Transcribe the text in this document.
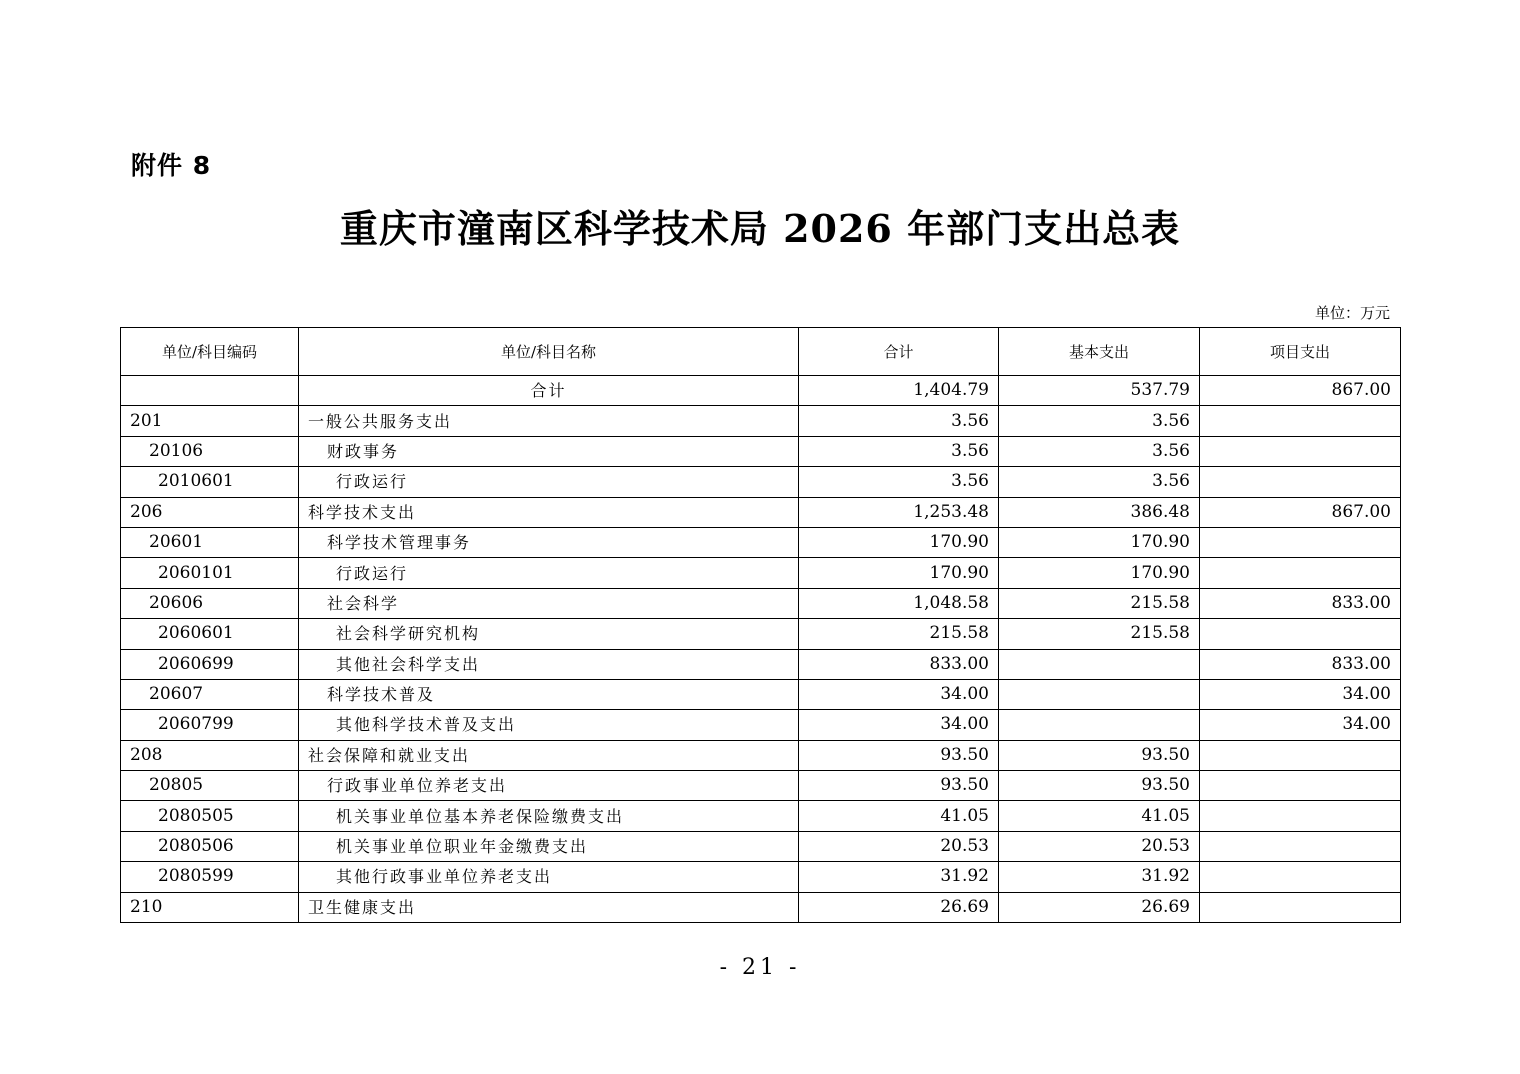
附件 8
重庆市潼南区科学技术局 2026 年部门支出总表
单位：万元
单位/科目编码	单位/科目名称	合计	基本支出	项目支出
	合计	1,404.79	537.79	867.00
201	一般公共服务支出	3.56	3.56	
20106	财政事务	3.56	3.56	
2010601	行政运行	3.56	3.56	
206	科学技术支出	1,253.48	386.48	867.00
20601	科学技术管理事务	170.90	170.90	
2060101	行政运行	170.90	170.90	
20606	社会科学	1,048.58	215.58	833.00
2060601	社会科学研究机构	215.58	215.58	
2060699	其他社会科学支出	833.00		833.00
20607	科学技术普及	34.00		34.00
2060799	其他科学技术普及支出	34.00		34.00
208	社会保障和就业支出	93.50	93.50	
20805	行政事业单位养老支出	93.50	93.50	
2080505	机关事业单位基本养老保险缴费支出	41.05	41.05	
2080506	机关事业单位职业年金缴费支出	20.53	20.53	
2080599	其他行政事业单位养老支出	31.92	31.92	
210	卫生健康支出	26.69	26.69	
- 21 -
